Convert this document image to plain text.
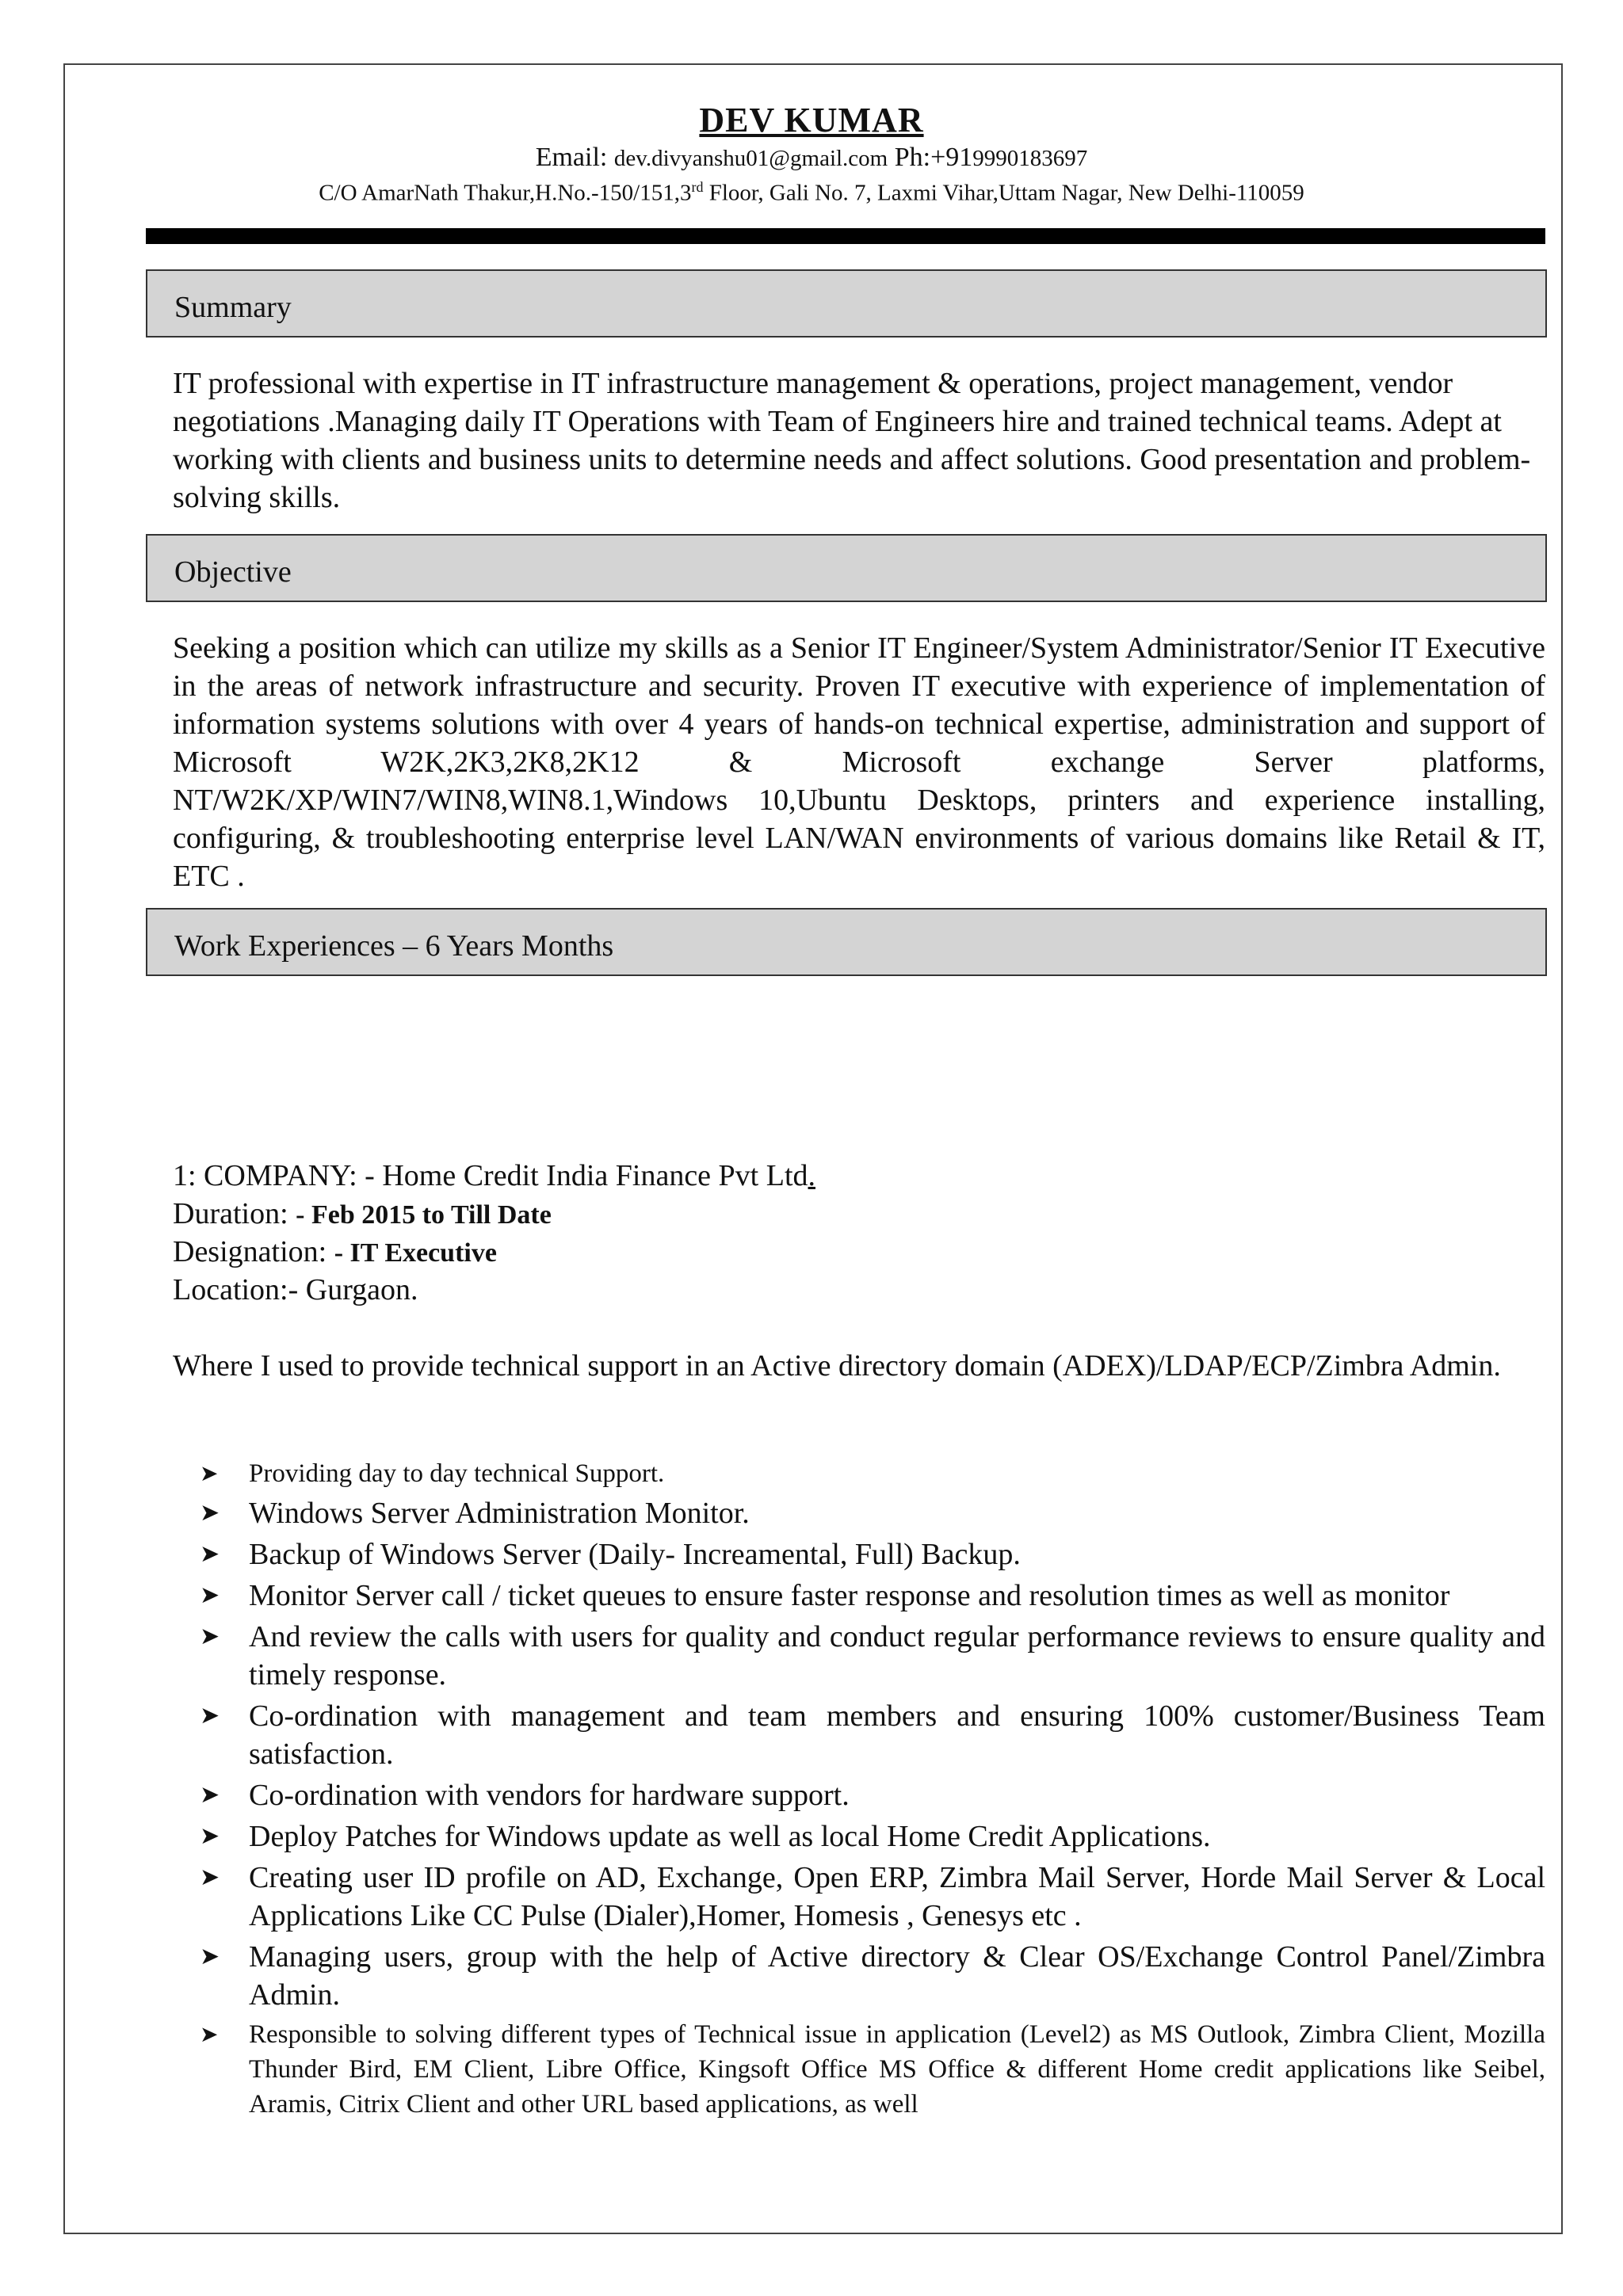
DEV KUMAR
Email: dev.divyanshu01@gmail.com Ph:+919990183697
C/O AmarNath Thakur,H.No.-150/151,3rd Floor, Gali No. 7, Laxmi Vihar,Uttam Nagar, New Delhi-110059
Summary
IT professional with expertise in IT infrastructure management & operations, project management, vendor negotiations .Managing daily IT Operations with Team of Engineers hire and trained technical teams. Adept at working with clients and business units to determine needs and affect solutions. Good presentation and problem-solving skills.
Objective
Seeking a position which can utilize my skills as a Senior IT Engineer/System Administrator/Senior IT Executive in the areas of network infrastructure and security. Proven IT executive with experience of implementation of information systems solutions with over 4 years of hands-on technical expertise, administration and support of Microsoft W2K,2K3,2K8,2K12 & Microsoft exchange Server platforms, NT/W2K/XP/WIN7/WIN8,WIN8.1,Windows 10,Ubuntu Desktops, printers and experience installing, configuring, & troubleshooting enterprise level LAN/WAN environments of various domains like Retail & IT, ETC .
Work Experiences – 6 Years Months
1: COMPANY: - Home Credit India Finance Pvt Ltd.
Duration: - Feb 2015 to Till Date
Designation: - IT Executive
Location:- Gurgaon.
Where I used to provide technical support in an Active directory domain (ADEX)/LDAP/ECP/Zimbra Admin.
➤ Providing day to day technical Support.
➤ Windows Server Administration Monitor.
➤ Backup of Windows Server (Daily- Increamental, Full) Backup.
➤ Monitor Server call / ticket queues to ensure faster response and resolution times as well as monitor
➤ And review the calls with users for quality and conduct regular performance reviews to ensure quality and timely response.
➤ Co-ordination with management and team members and ensuring 100% customer/Business Team satisfaction.
➤ Co-ordination with vendors for hardware support.
➤ Deploy Patches for Windows update as well as local Home Credit Applications.
➤ Creating user ID profile on AD, Exchange, Open ERP, Zimbra Mail Server, Horde Mail Server & Local Applications Like CC Pulse (Dialer),Homer, Homesis , Genesys etc .
➤ Managing users, group with the help of Active directory & Clear OS/Exchange Control Panel/Zimbra Admin.
➤ Responsible to solving different types of Technical issue in application (Level2) as MS Outlook, Zimbra Client, Mozilla Thunder Bird, EM Client, Libre Office, Kingsoft Office MS Office & different Home credit applications like Seibel, Aramis, Citrix Client and other URL based applications, as well
